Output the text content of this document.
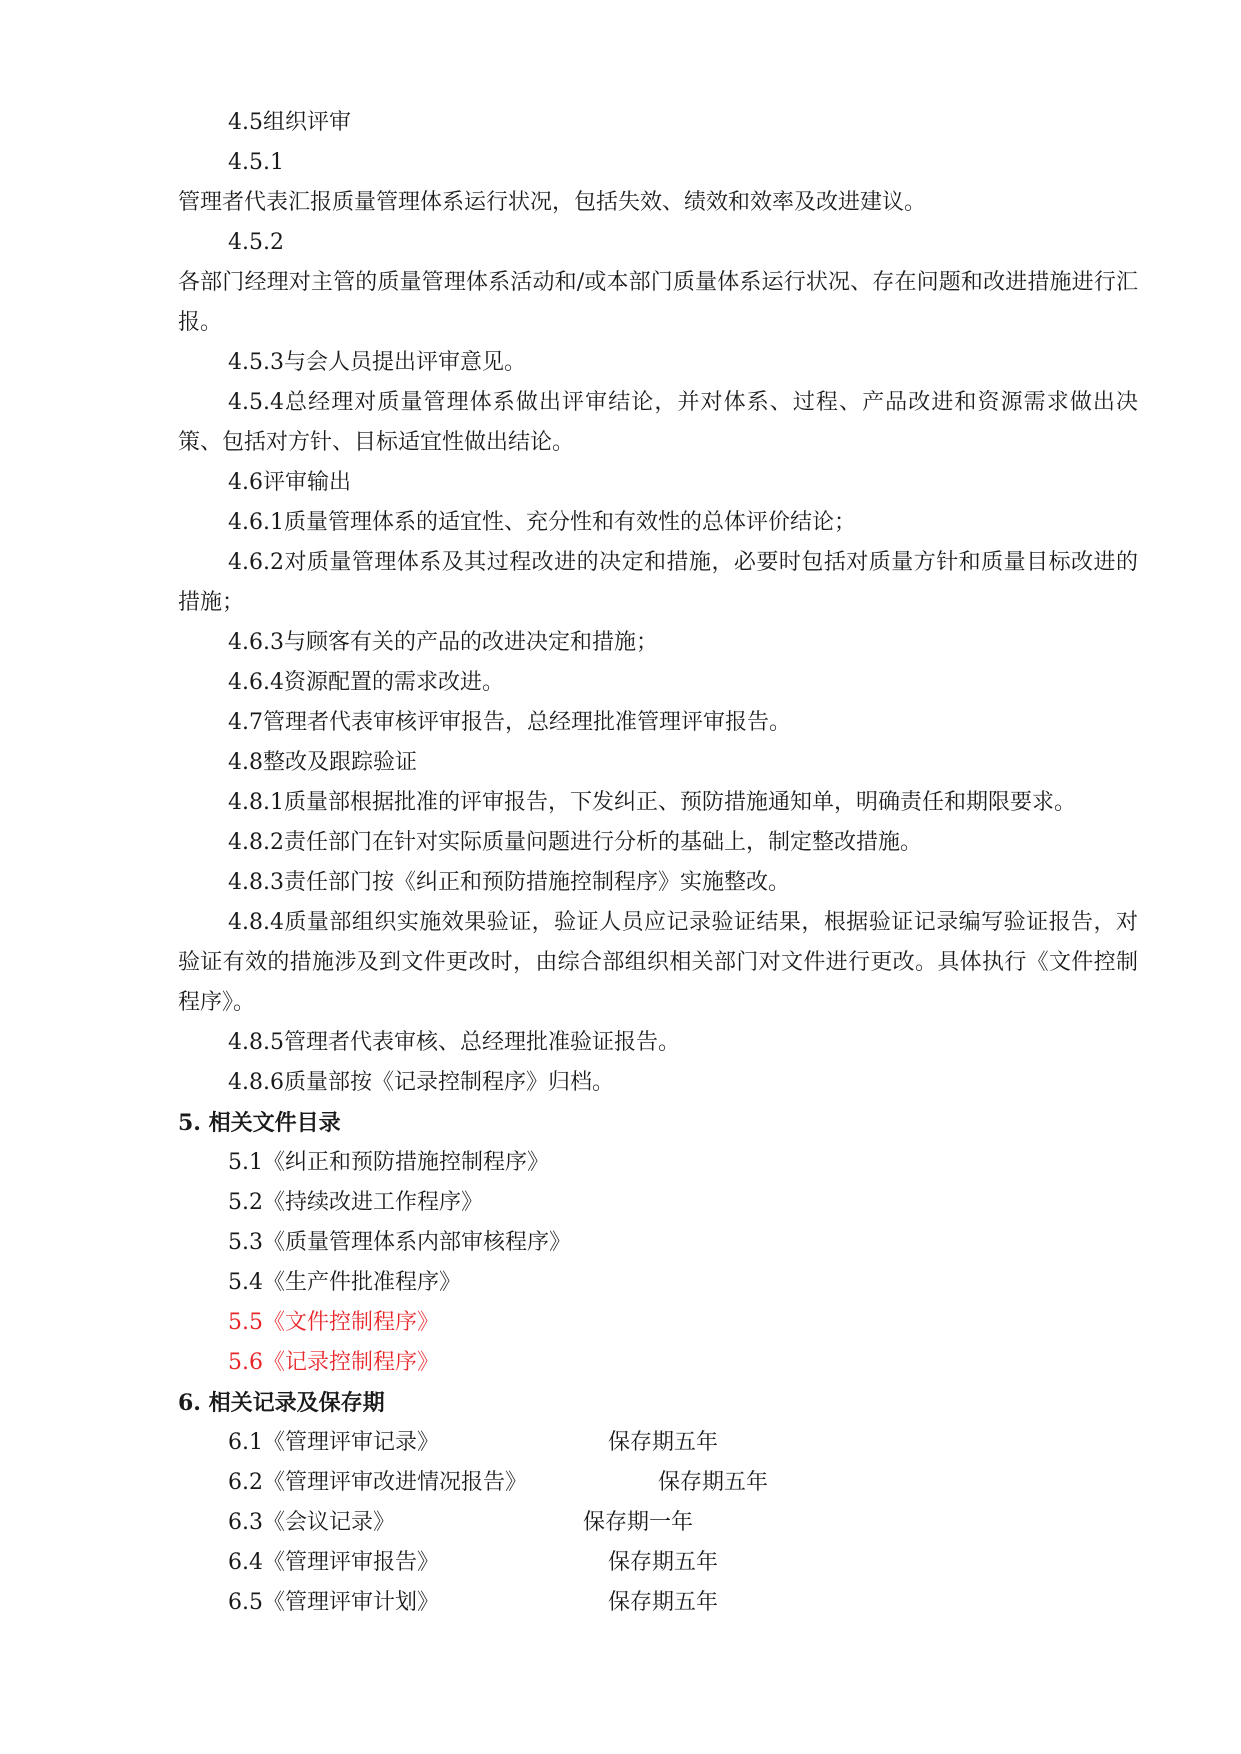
4.5组织评审
4.5.1
管理者代表汇报质量管理体系运行状况，包括失效、绩效和效率及改进建议。
4.5.2
各部门经理对主管的质量管理体系活动和/或本部门质量体系运行状况、存在问题和改进措施进行汇报。
4.5.3与会人员提出评审意见。
4.5.4总经理对质量管理体系做出评审结论，并对体系、过程、产品改进和资源需求做出决策、包括对方针、目标适宜性做出结论。
4.6评审输出
4.6.1质量管理体系的适宜性、充分性和有效性的总体评价结论；
4.6.2对质量管理体系及其过程改进的决定和措施，必要时包括对质量方针和质量目标改进的措施；
4.6.3与顾客有关的产品的改进决定和措施；
4.6.4资源配置的需求改进。
4.7管理者代表审核评审报告，总经理批准管理评审报告。
4.8整改及跟踪验证
4.8.1质量部根据批准的评审报告，下发纠正、预防措施通知单，明确责任和期限要求。
4.8.2责任部门在针对实际质量问题进行分析的基础上，制定整改措施。
4.8.3责任部门按《纠正和预防措施控制程序》实施整改。
4.8.4质量部组织实施效果验证，验证人员应记录验证结果，根据验证记录编写验证报告，对验证有效的措施涉及到文件更改时，由综合部组织相关部门对文件进行更改。具体执行《文件控制程序》。
4.8.5管理者代表审核、总经理批准验证报告。
4.8.6质量部按《记录控制程序》归档。
5. 相关文件目录
5.1《纠正和预防措施控制程序》
5.2《持续改进工作程序》
5.3《质量管理体系内部审核程序》
5.4《生产件批准程序》
5.5《文件控制程序》
5.6《记录控制程序》
6. 相关记录及保存期
6.1《管理评审记录》	保存期五年
6.2《管理评审改进情况报告》	保存期五年
6.3《会议记录》	保存期一年
6.4《管理评审报告》	保存期五年
6.5《管理评审计划》	保存期五年
